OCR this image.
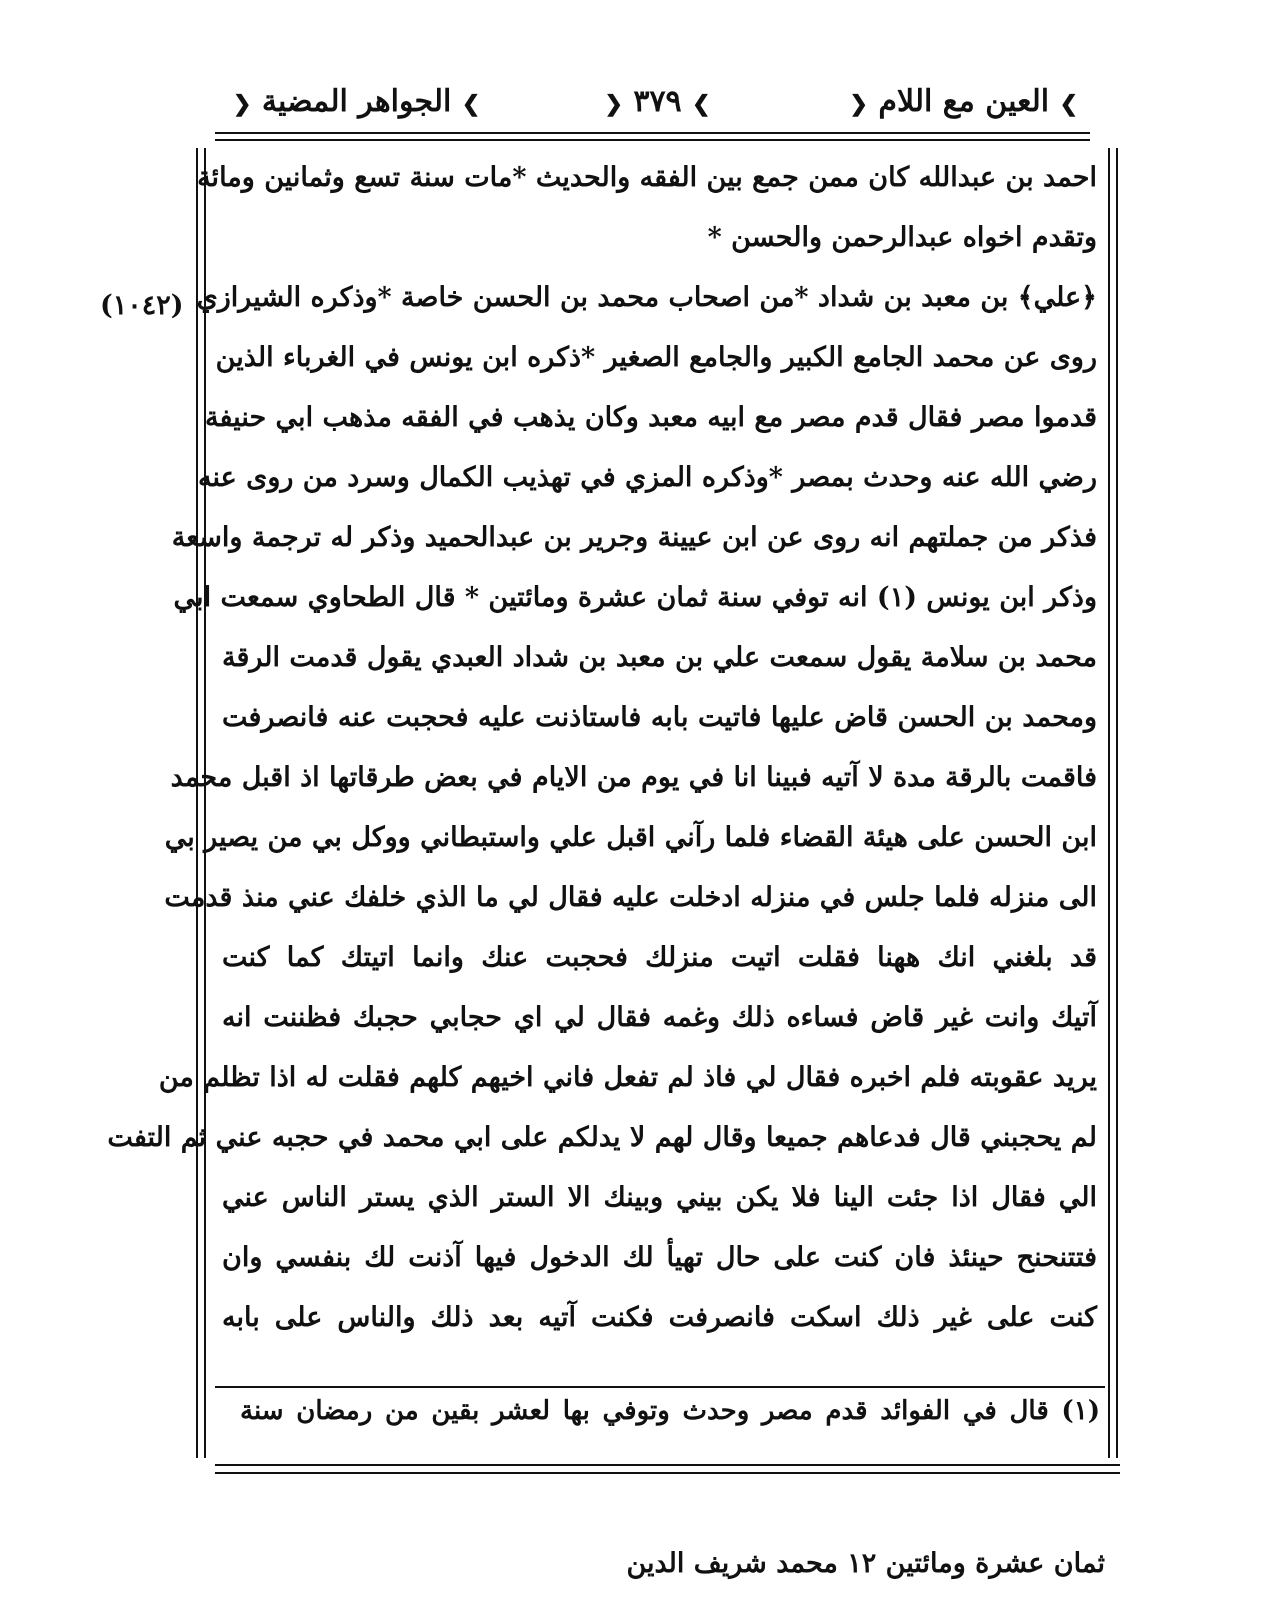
❯ العين مع اللام ❮
❯ ٣٧٩ ❮
❯ الجواهر المضية ❮
(١٠٤٢)
احمد بن عبدالله كان ممن جمع بين الفقه والحديث *مات سنة تسع وثمانين ومائة
وتقدم اخواه عبدالرحمن والحسن *
﴿علي﴾ بن معبد بن شداد *من اصحاب محمد بن الحسن خاصة *وذكره الشيرازي
روى عن محمد الجامع الكبير والجامع الصغير *ذكره ابن يونس في الغرباء الذين
قدموا مصر فقال قدم مصر مع ابيه معبد وكان يذهب في الفقه مذهب ابي حنيفة
رضي الله عنه وحدث بمصر *وذكره المزي في تهذيب الكمال وسرد من روى عنه
فذكر من جملتهم انه روى عن ابن عيينة وجرير بن عبدالحميد وذكر له ترجمة واسعة
وذكر ابن يونس (١) انه توفي سنة ثمان عشرة ومائتين * قال الطحاوي سمعت ابي
محمد بن سلامة يقول سمعت علي بن معبد بن شداد العبدي يقول قدمت الرقة
ومحمد بن الحسن قاض عليها فاتيت بابه فاستاذنت عليه فحجبت عنه فانصرفت
فاقمت بالرقة مدة لا آتيه فبينا انا في يوم من الايام في بعض طرقاتها اذ اقبل محمد
ابن الحسن على هيئة القضاء فلما رآني اقبل علي واستبطاني ووكل بي من يصير بي
الى منزله فلما جلس في منزله ادخلت عليه فقال لي ما الذي خلفك عني منذ قدمت
قد بلغني انك ههنا فقلت اتيت منزلك فحجبت عنك وانما اتيتك كما كنت
آتيك وانت غير قاض فساءه ذلك وغمه فقال لي اي حجابي حجبك فظننت انه
يريد عقوبته فلم اخبره فقال لي فاذ لم تفعل فاني اخيهم كلهم فقلت له اذا تظلم من
لم يحجبني قال فدعاهم جميعا وقال لهم لا يدلكم على ابي محمد في حجبه عني ثم التفت
الي فقال اذا جئت الينا فلا يكن بيني وبينك الا الستر الذي يستر الناس عني
فتتنحنح حينئذ فان كنت على حال تهيأ لك الدخول فيها آذنت لك بنفسي وان
كنت على غير ذلك اسكت فانصرفت فكنت آتيه بعد ذلك والناس على بابه
(١) قال في الفوائد قدم مصر وحدث وتوفي بها لعشر بقين من رمضان سنة
ثمان عشرة ومائتين ١٢ محمد شريف الدين
